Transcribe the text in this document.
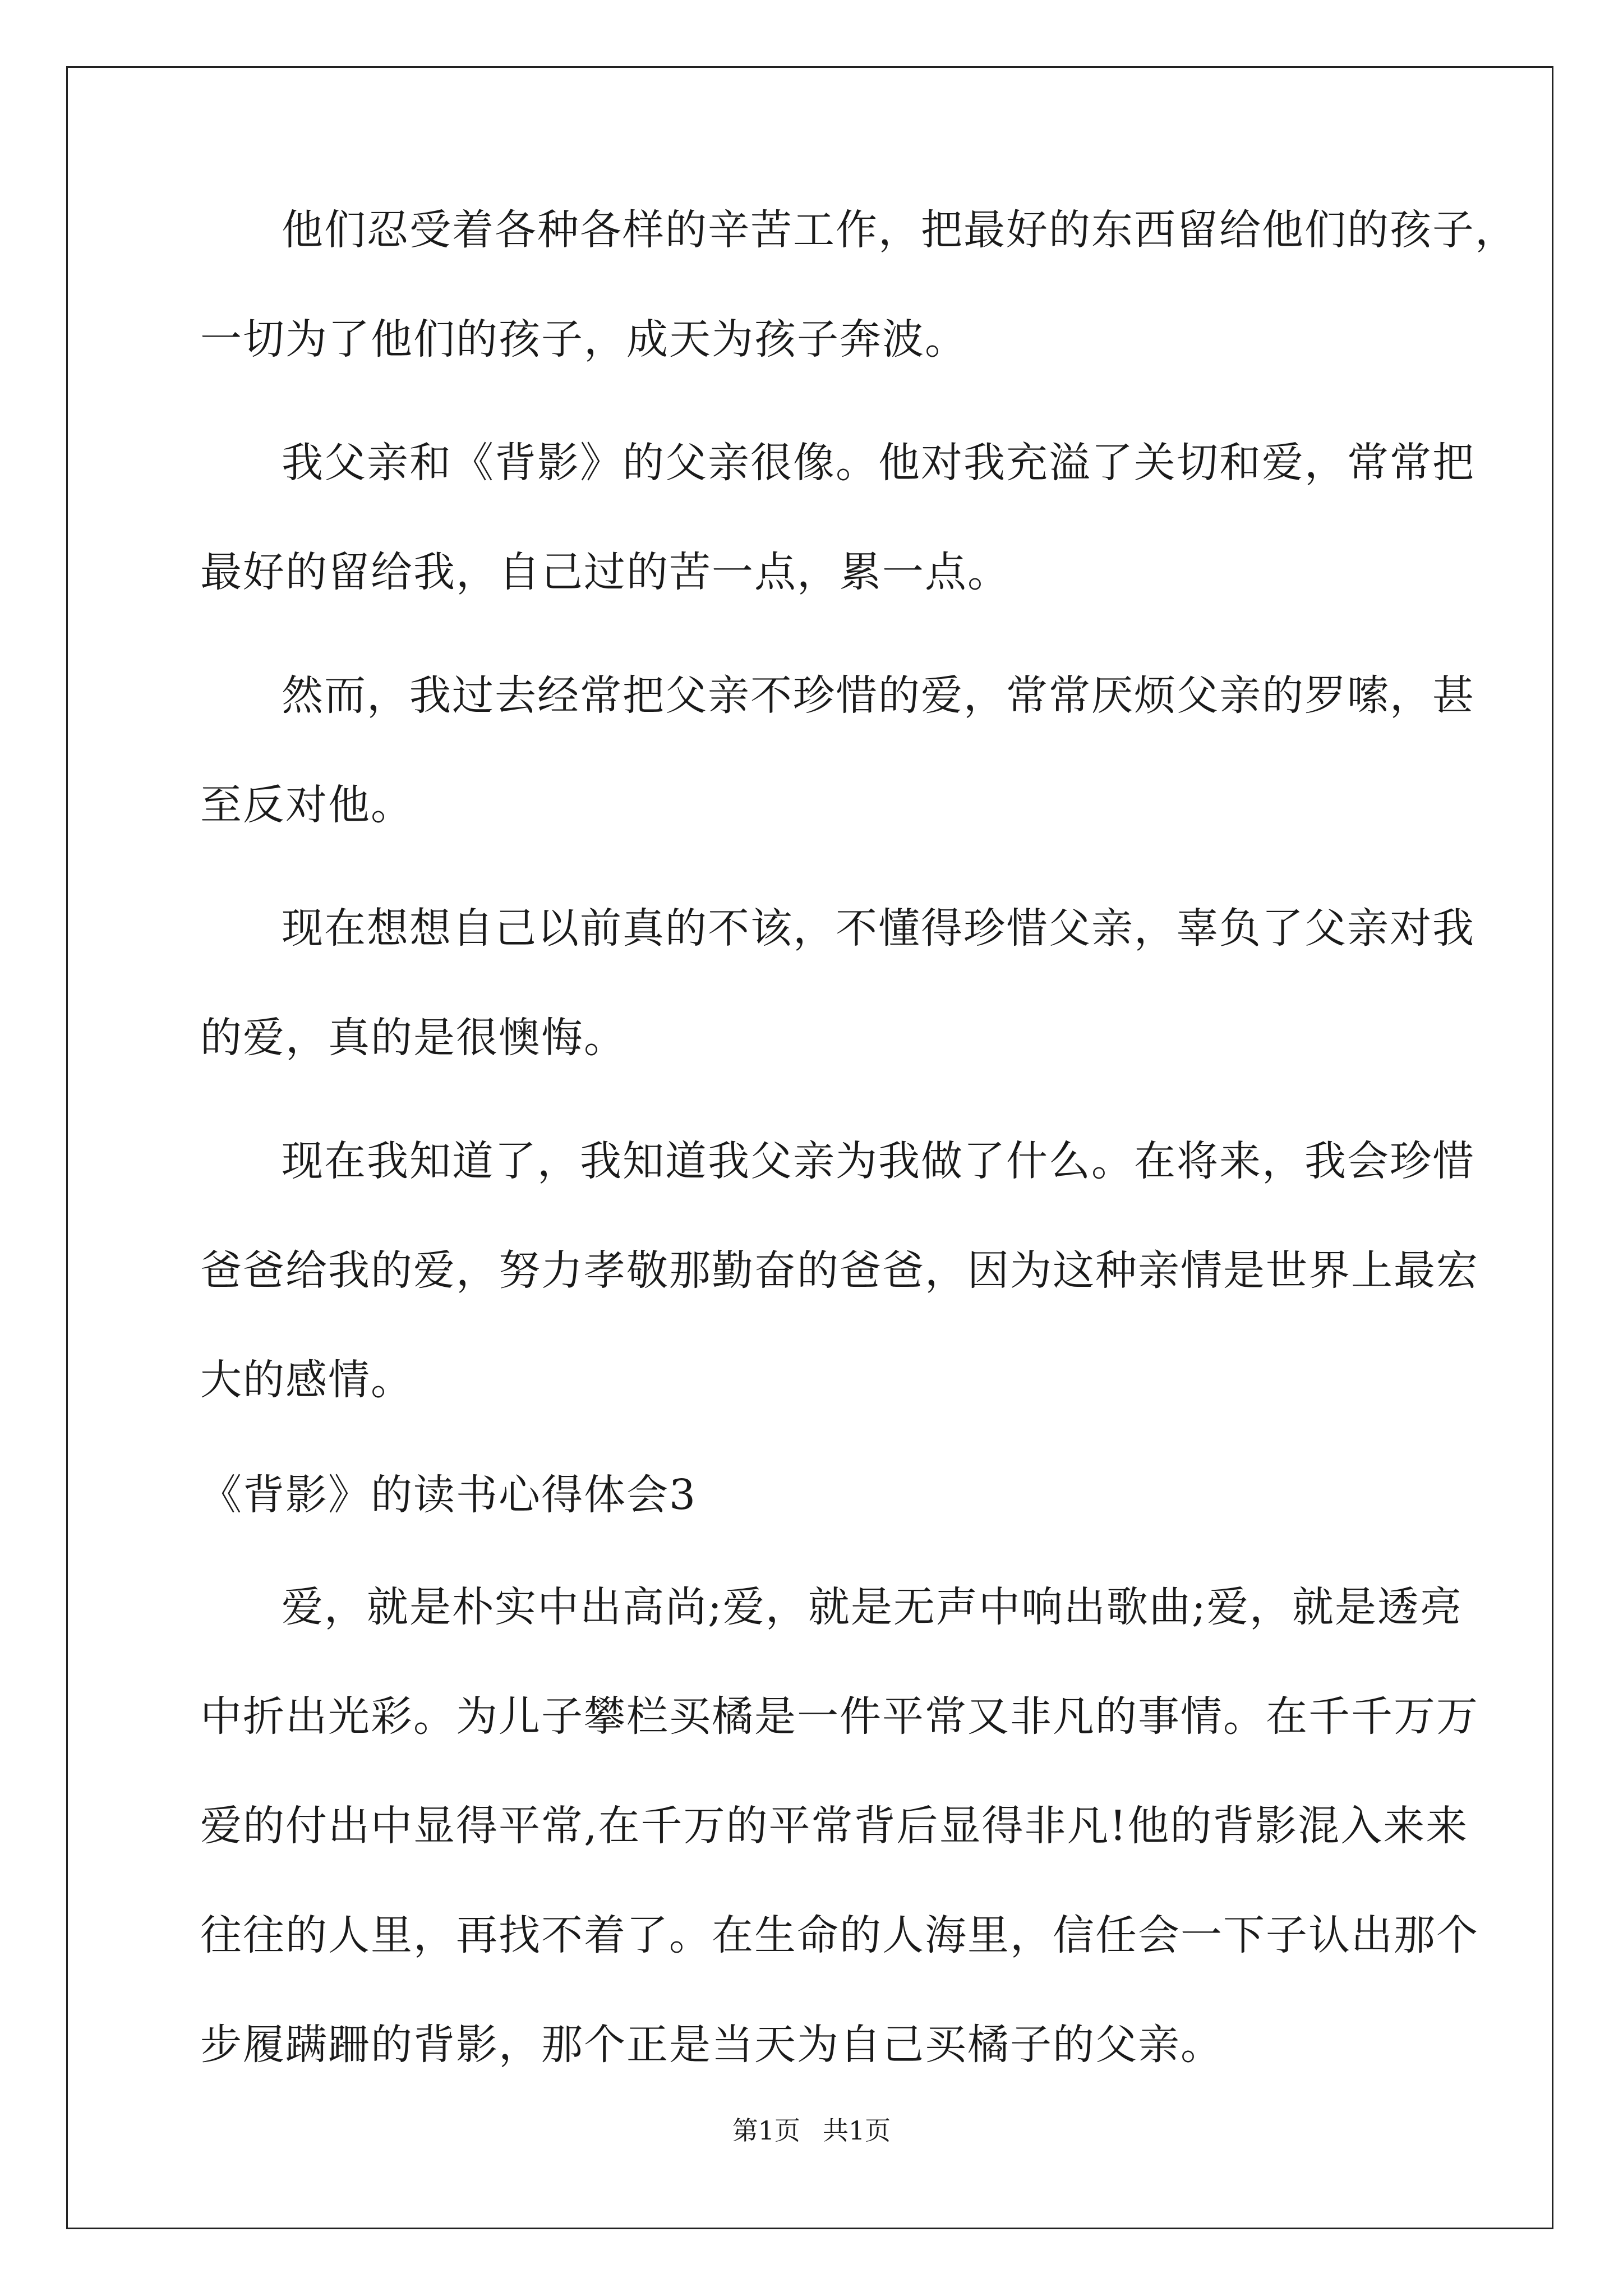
他们忍受着各种各样的辛苦工作，把最好的东西留给他们的孩子，
一切为了他们的孩子，成天为孩子奔波。
我父亲和《背影》的父亲很像。他对我充溢了关切和爱，常常把
最好的留给我，自己过的苦一点，累一点。
然而，我过去经常把父亲不珍惜的爱，常常厌烦父亲的罗嗦，甚
至反对他。
现在想想自己以前真的不该，不懂得珍惜父亲，辜负了父亲对我
的爱，真的是很懊悔。
现在我知道了，我知道我父亲为我做了什么。在将来，我会珍惜
爸爸给我的爱，努力孝敬那勤奋的爸爸，因为这种亲情是世界上最宏
大的感情。
《背影》的读书心得体会3
爱，就是朴实中出高尚;爱，就是无声中响出歌曲;爱，就是透亮
中折出光彩。为儿子攀栏买橘是一件平常又非凡的事情。在千千万万
爱的付出中显得平常,在千万的平常背后显得非凡!他的背影混入来来
往往的人里，再找不着了。在生命的人海里，信任会一下子认出那个
步履蹒跚的背影，那个正是当天为自己买橘子的父亲。
第1页 共1页
